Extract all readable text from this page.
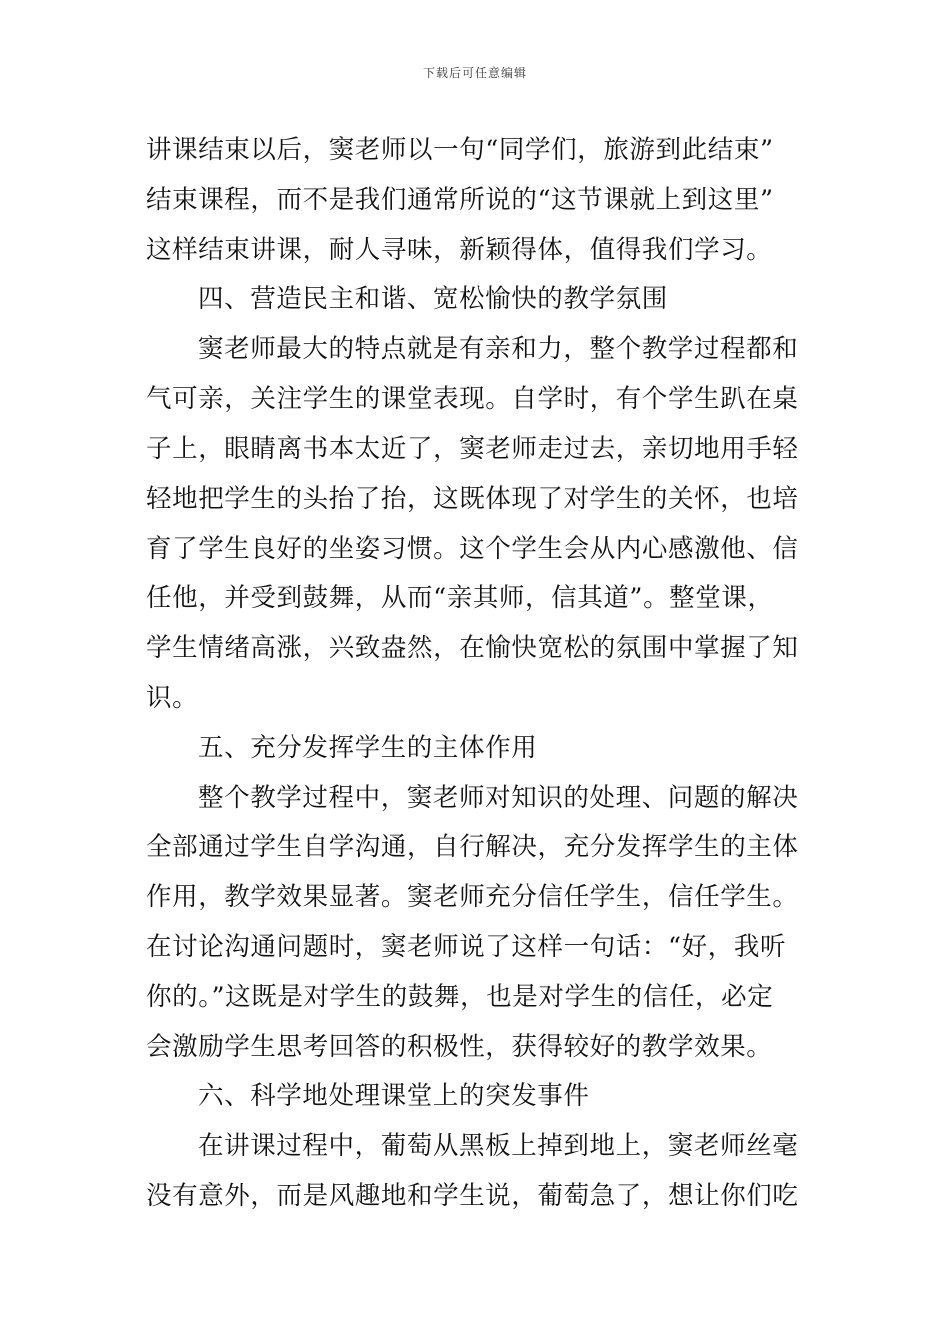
下载后可任意编辑
讲课结束以后，窦老师以一句“同学们，旅游到此结束”
结束课程，而不是我们通常所说的“这节课就上到这里”
这样结束讲课，耐人寻味，新颖得体，值得我们学习。
四、营造民主和谐、宽松愉快的教学氛围
窦老师最大的特点就是有亲和力，整个教学过程都和
气可亲，关注学生的课堂表现。自学时，有个学生趴在桌
子上，眼睛离书本太近了，窦老师走过去，亲切地用手轻
轻地把学生的头抬了抬，这既体现了对学生的关怀，也培
育了学生良好的坐姿习惯。这个学生会从内心感激他、信
任他，并受到鼓舞，从而“亲其师，信其道”。整堂课，
学生情绪高涨，兴致盎然，在愉快宽松的氛围中掌握了知
识。
五、充分发挥学生的主体作用
整个教学过程中，窦老师对知识的处理、问题的解决
全部通过学生自学沟通，自行解决，充分发挥学生的主体
作用，教学效果显著。窦老师充分信任学生，信任学生。
在讨论沟通问题时，窦老师说了这样一句话：“好，我听
你的。”这既是对学生的鼓舞，也是对学生的信任，必定
会激励学生思考回答的积极性，获得较好的教学效果。
六、科学地处理课堂上的突发事件
在讲课过程中，葡萄从黑板上掉到地上，窦老师丝毫
没有意外，而是风趣地和学生说，葡萄急了，想让你们吃
